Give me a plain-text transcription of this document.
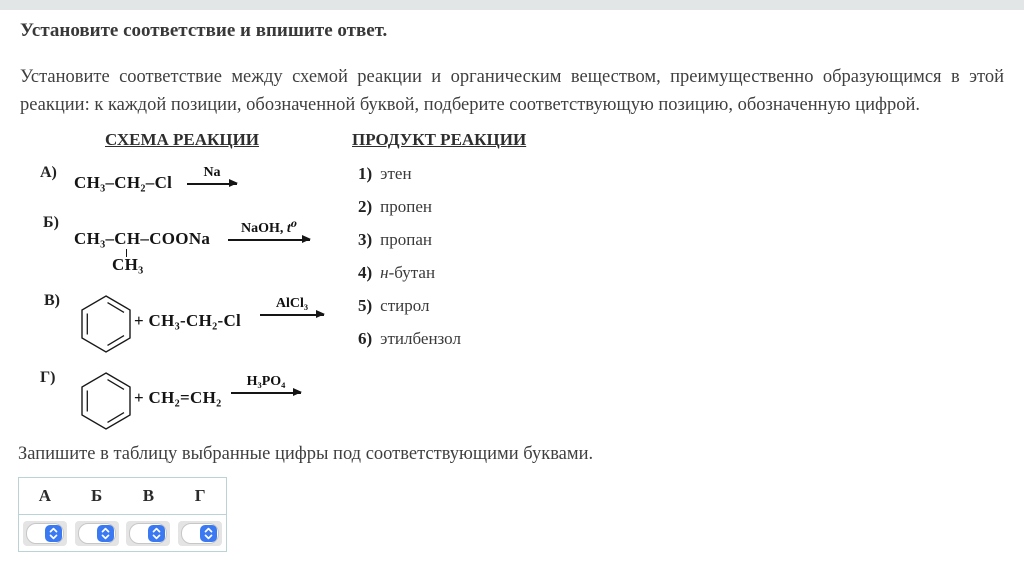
Установите соответствие и впишите ответ.
Установите соответствие между схемой реакции и органическим веществом, преимущественно образующимся в этой реакции: к каждой позиции, обозначенной буквой, подберите соответствующую позицию, обозначенную цифрой.
СХЕМА РЕАКЦИИ	ПРОДУКТ РЕАКЦИИ
А)
CH₃–CH₂–Cl
Na
Б)
CH₃–CH–COONa
CH₃
NaOH, t⁰
В)
+ CH₃-CH₂-Cl
AlCl₃
Г)
+ CH₂=CH₂
H₃PO₄
1) этен
2) пропен
3) пропан
4) н-бутан
5) стирол
6) этилбензол
Запишите в таблицу выбранные цифры под соответствующими буквами.
А Б В Г
